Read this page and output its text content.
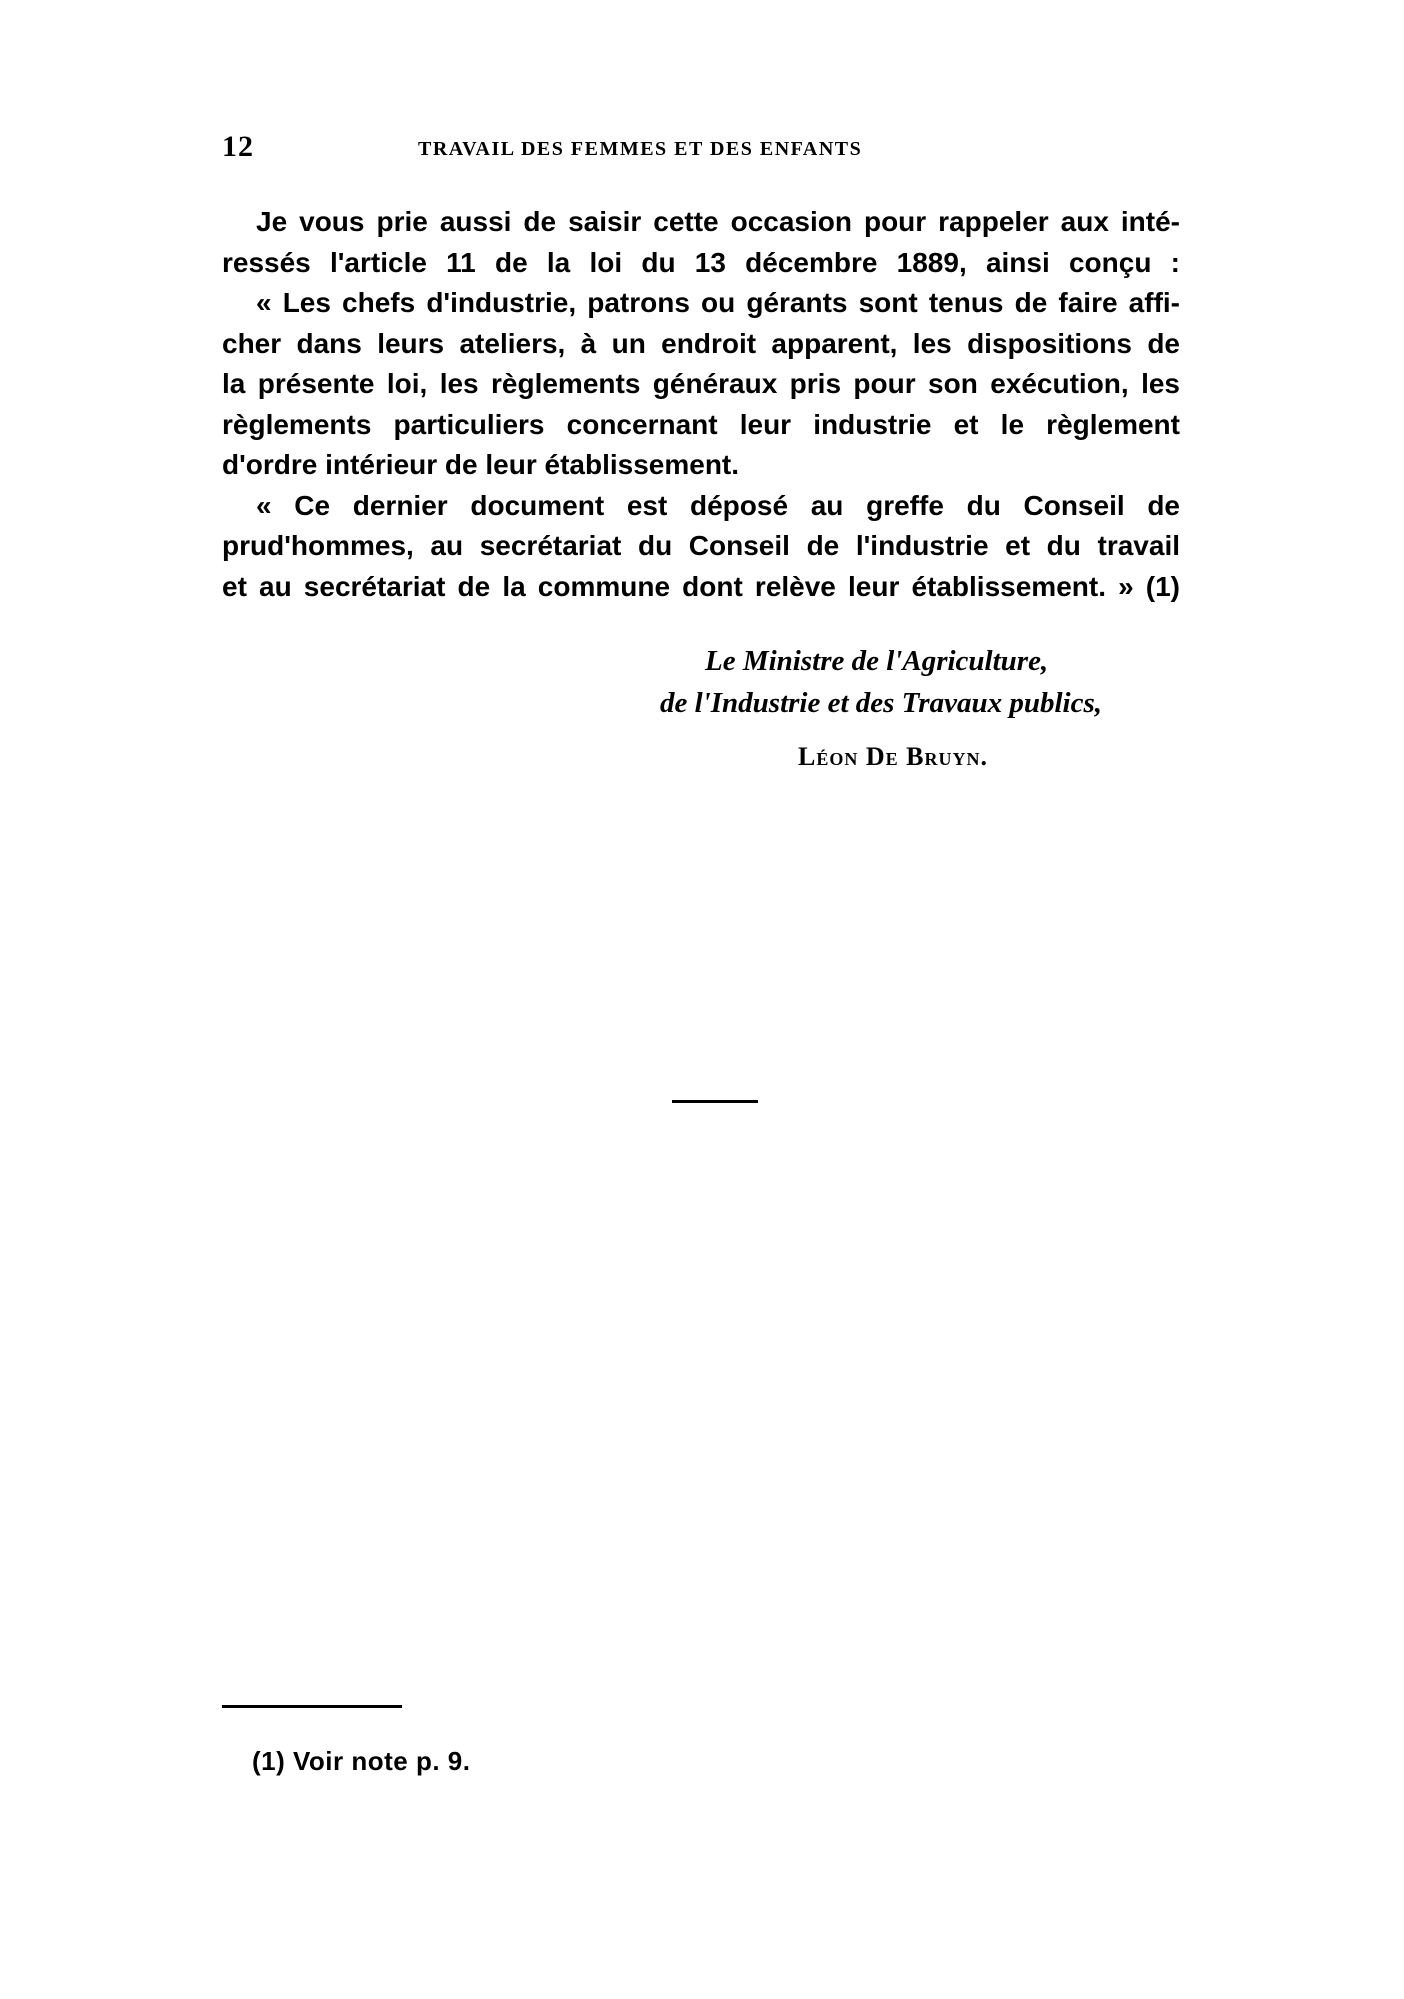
12	TRAVAIL DES FEMMES ET DES ENFANTS
Je vous prie aussi de saisir cette occasion pour rappeler aux inté-
ressés l'article 11 de la loi du 13 décembre 1889, ainsi conçu :
« Les chefs d'industrie, patrons ou gérants sont tenus de faire affi-
cher dans leurs ateliers, à un endroit apparent, les dispositions de
la présente loi, les règlements généraux pris pour son exécution, les
règlements particuliers concernant leur industrie et le règlement
d'ordre intérieur de leur établissement.
« Ce dernier document est déposé au greffe du Conseil de
prud'hommes, au secrétariat du Conseil de l'industrie et du travail
et au secrétariat de la commune dont relève leur établissement. » (1)
Le Ministre de l'Agriculture,
de l'Industrie et des Travaux publics,
Léon De Bruyn.
(1) Voir note p. 9.
